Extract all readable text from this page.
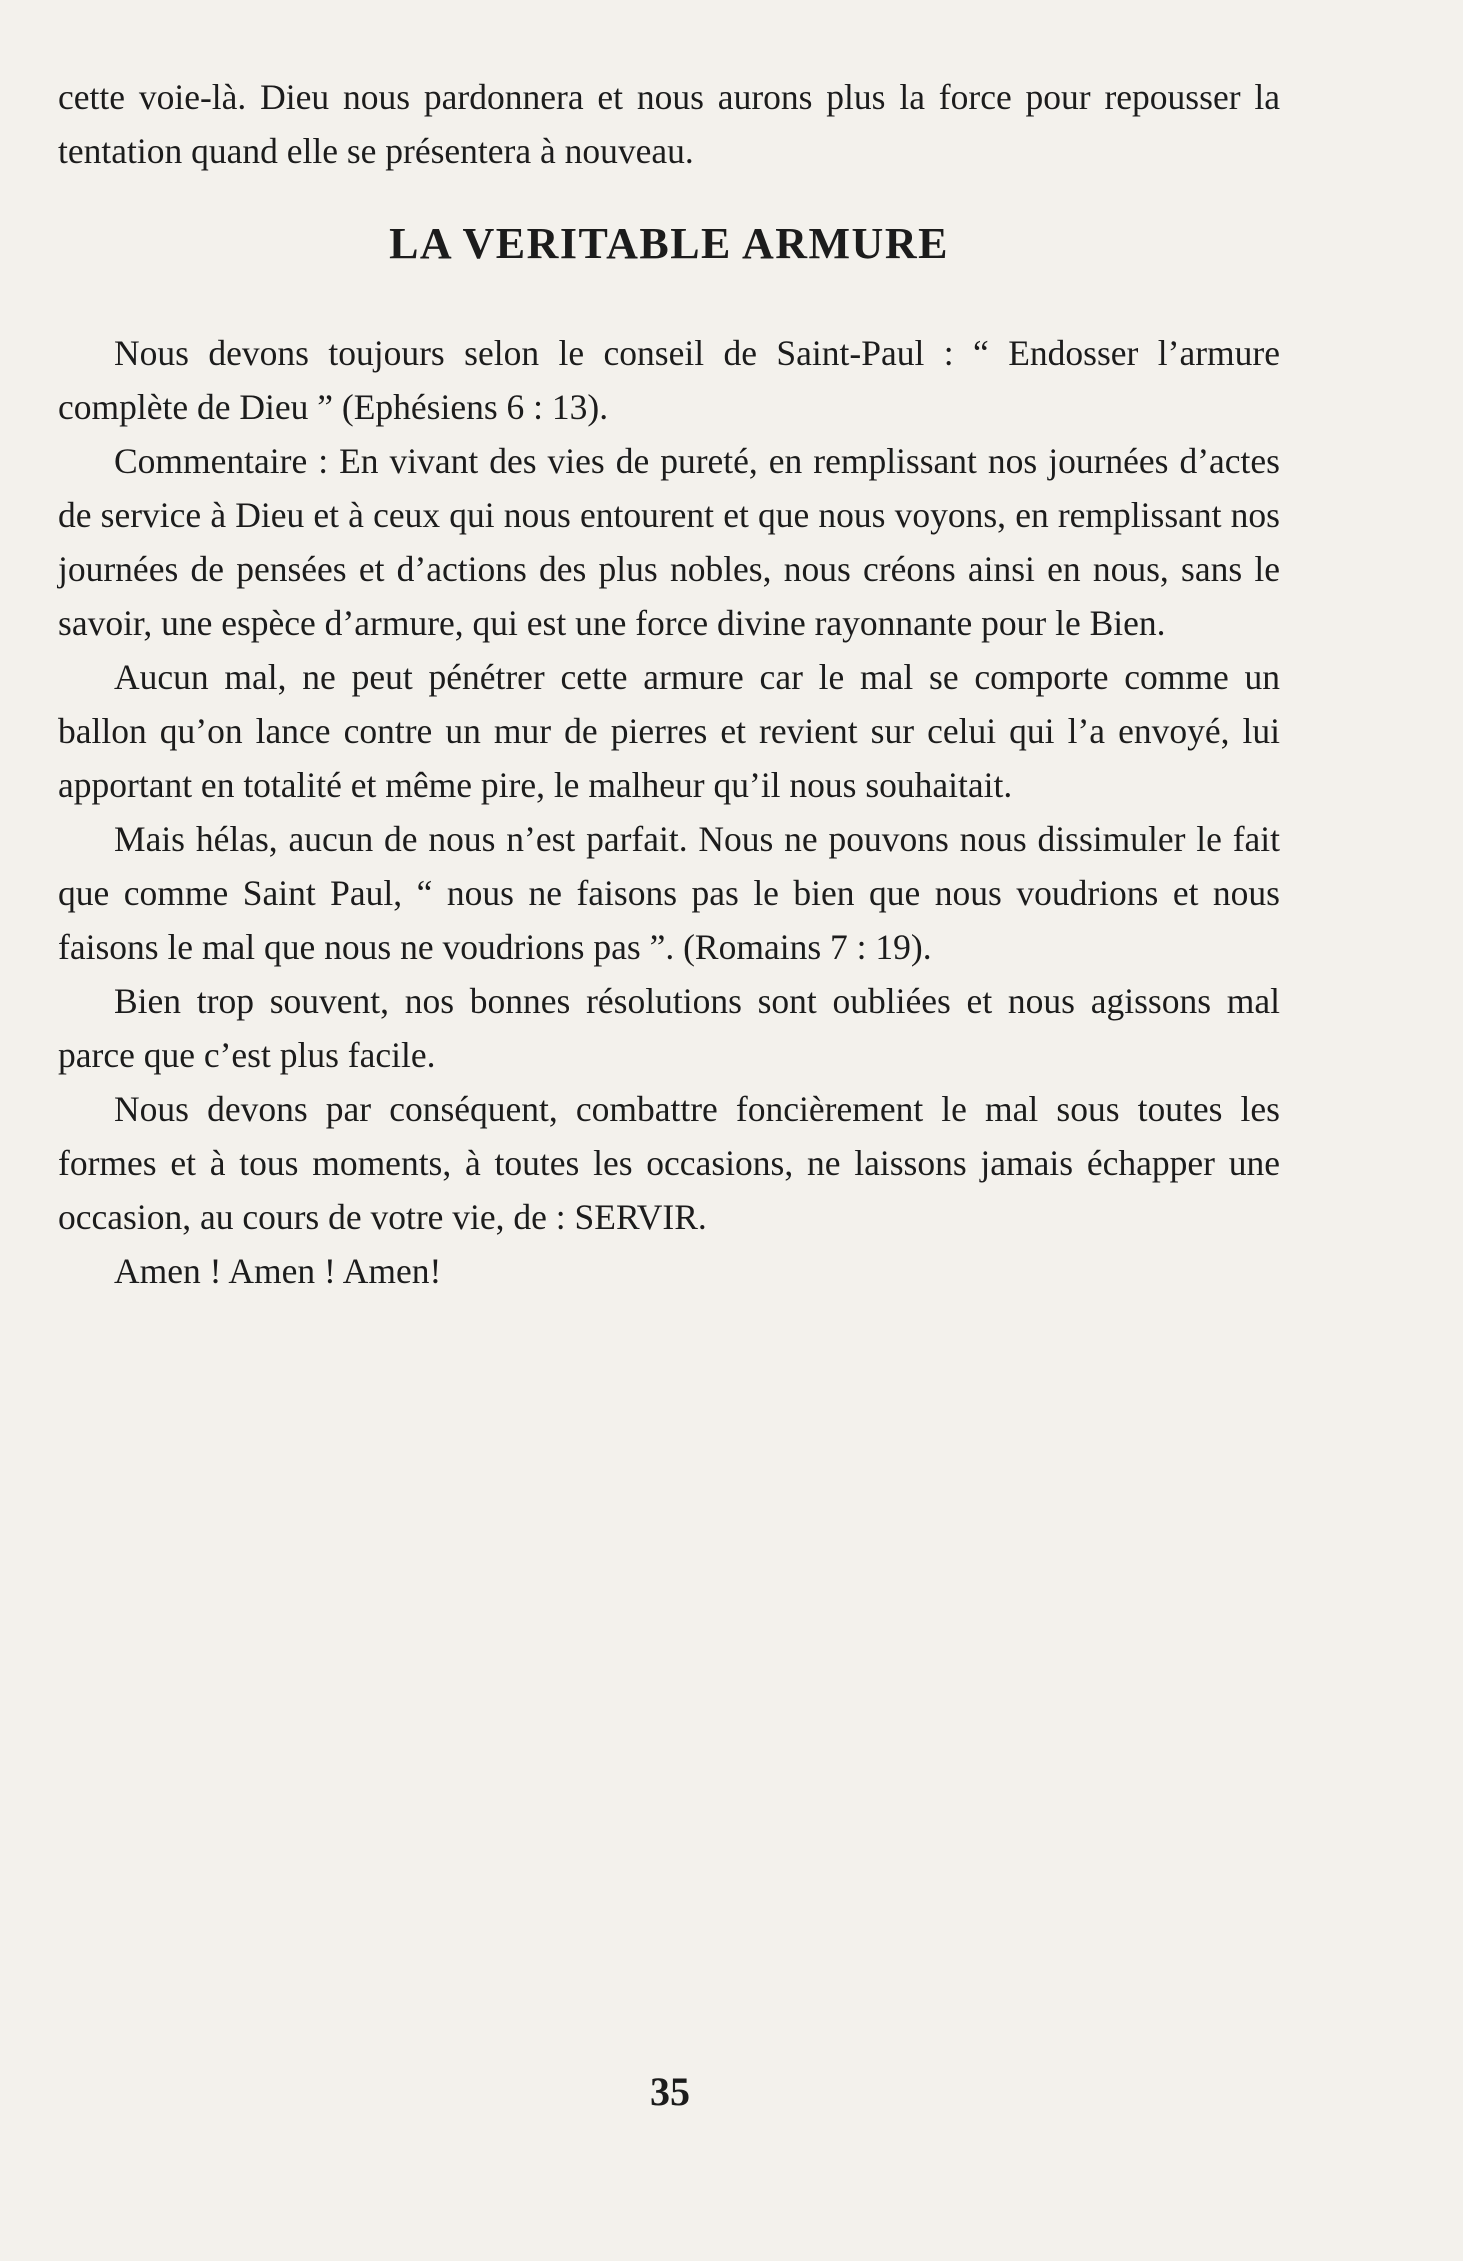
cette voie-là. Dieu nous pardonnera et nous aurons plus la force pour repousser la tentation quand elle se présentera à nouveau.

LA VERITABLE ARMURE

Nous devons toujours selon le conseil de Saint-Paul : “ Endosser l’armure complète de Dieu ” (Ephésiens 6 : 13).

Commentaire : En vivant des vies de pureté, en remplissant nos journées d’actes de service à Dieu et à ceux qui nous entourent et que nous voyons, en remplissant nos journées de pensées et d’actions des plus nobles, nous créons ainsi en nous, sans le savoir, une espèce d’armure, qui est une force divine rayonnante pour le Bien.

Aucun mal, ne peut pénétrer cette armure car le mal se comporte comme un ballon qu’on lance contre un mur de pierres et revient sur celui qui l’a envoyé, lui apportant en totalité et même pire, le malheur qu’il nous souhaitait.

Mais hélas, aucun de nous n’est parfait. Nous ne pouvons nous dissimuler le fait que comme Saint Paul, “ nous ne faisons pas le bien que nous voudrions et nous faisons le mal que nous ne voudrions pas ”. (Romains 7 : 19).

Bien trop souvent, nos bonnes résolutions sont oubliées et nous agissons mal parce que c’est plus facile.

Nous devons par conséquent, combattre foncièrement le mal sous toutes les formes et à tous moments, à toutes les occasions, ne laissons jamais échapper une occasion, au cours de votre vie, de : SERVIR.

Amen ! Amen ! Amen!

35
